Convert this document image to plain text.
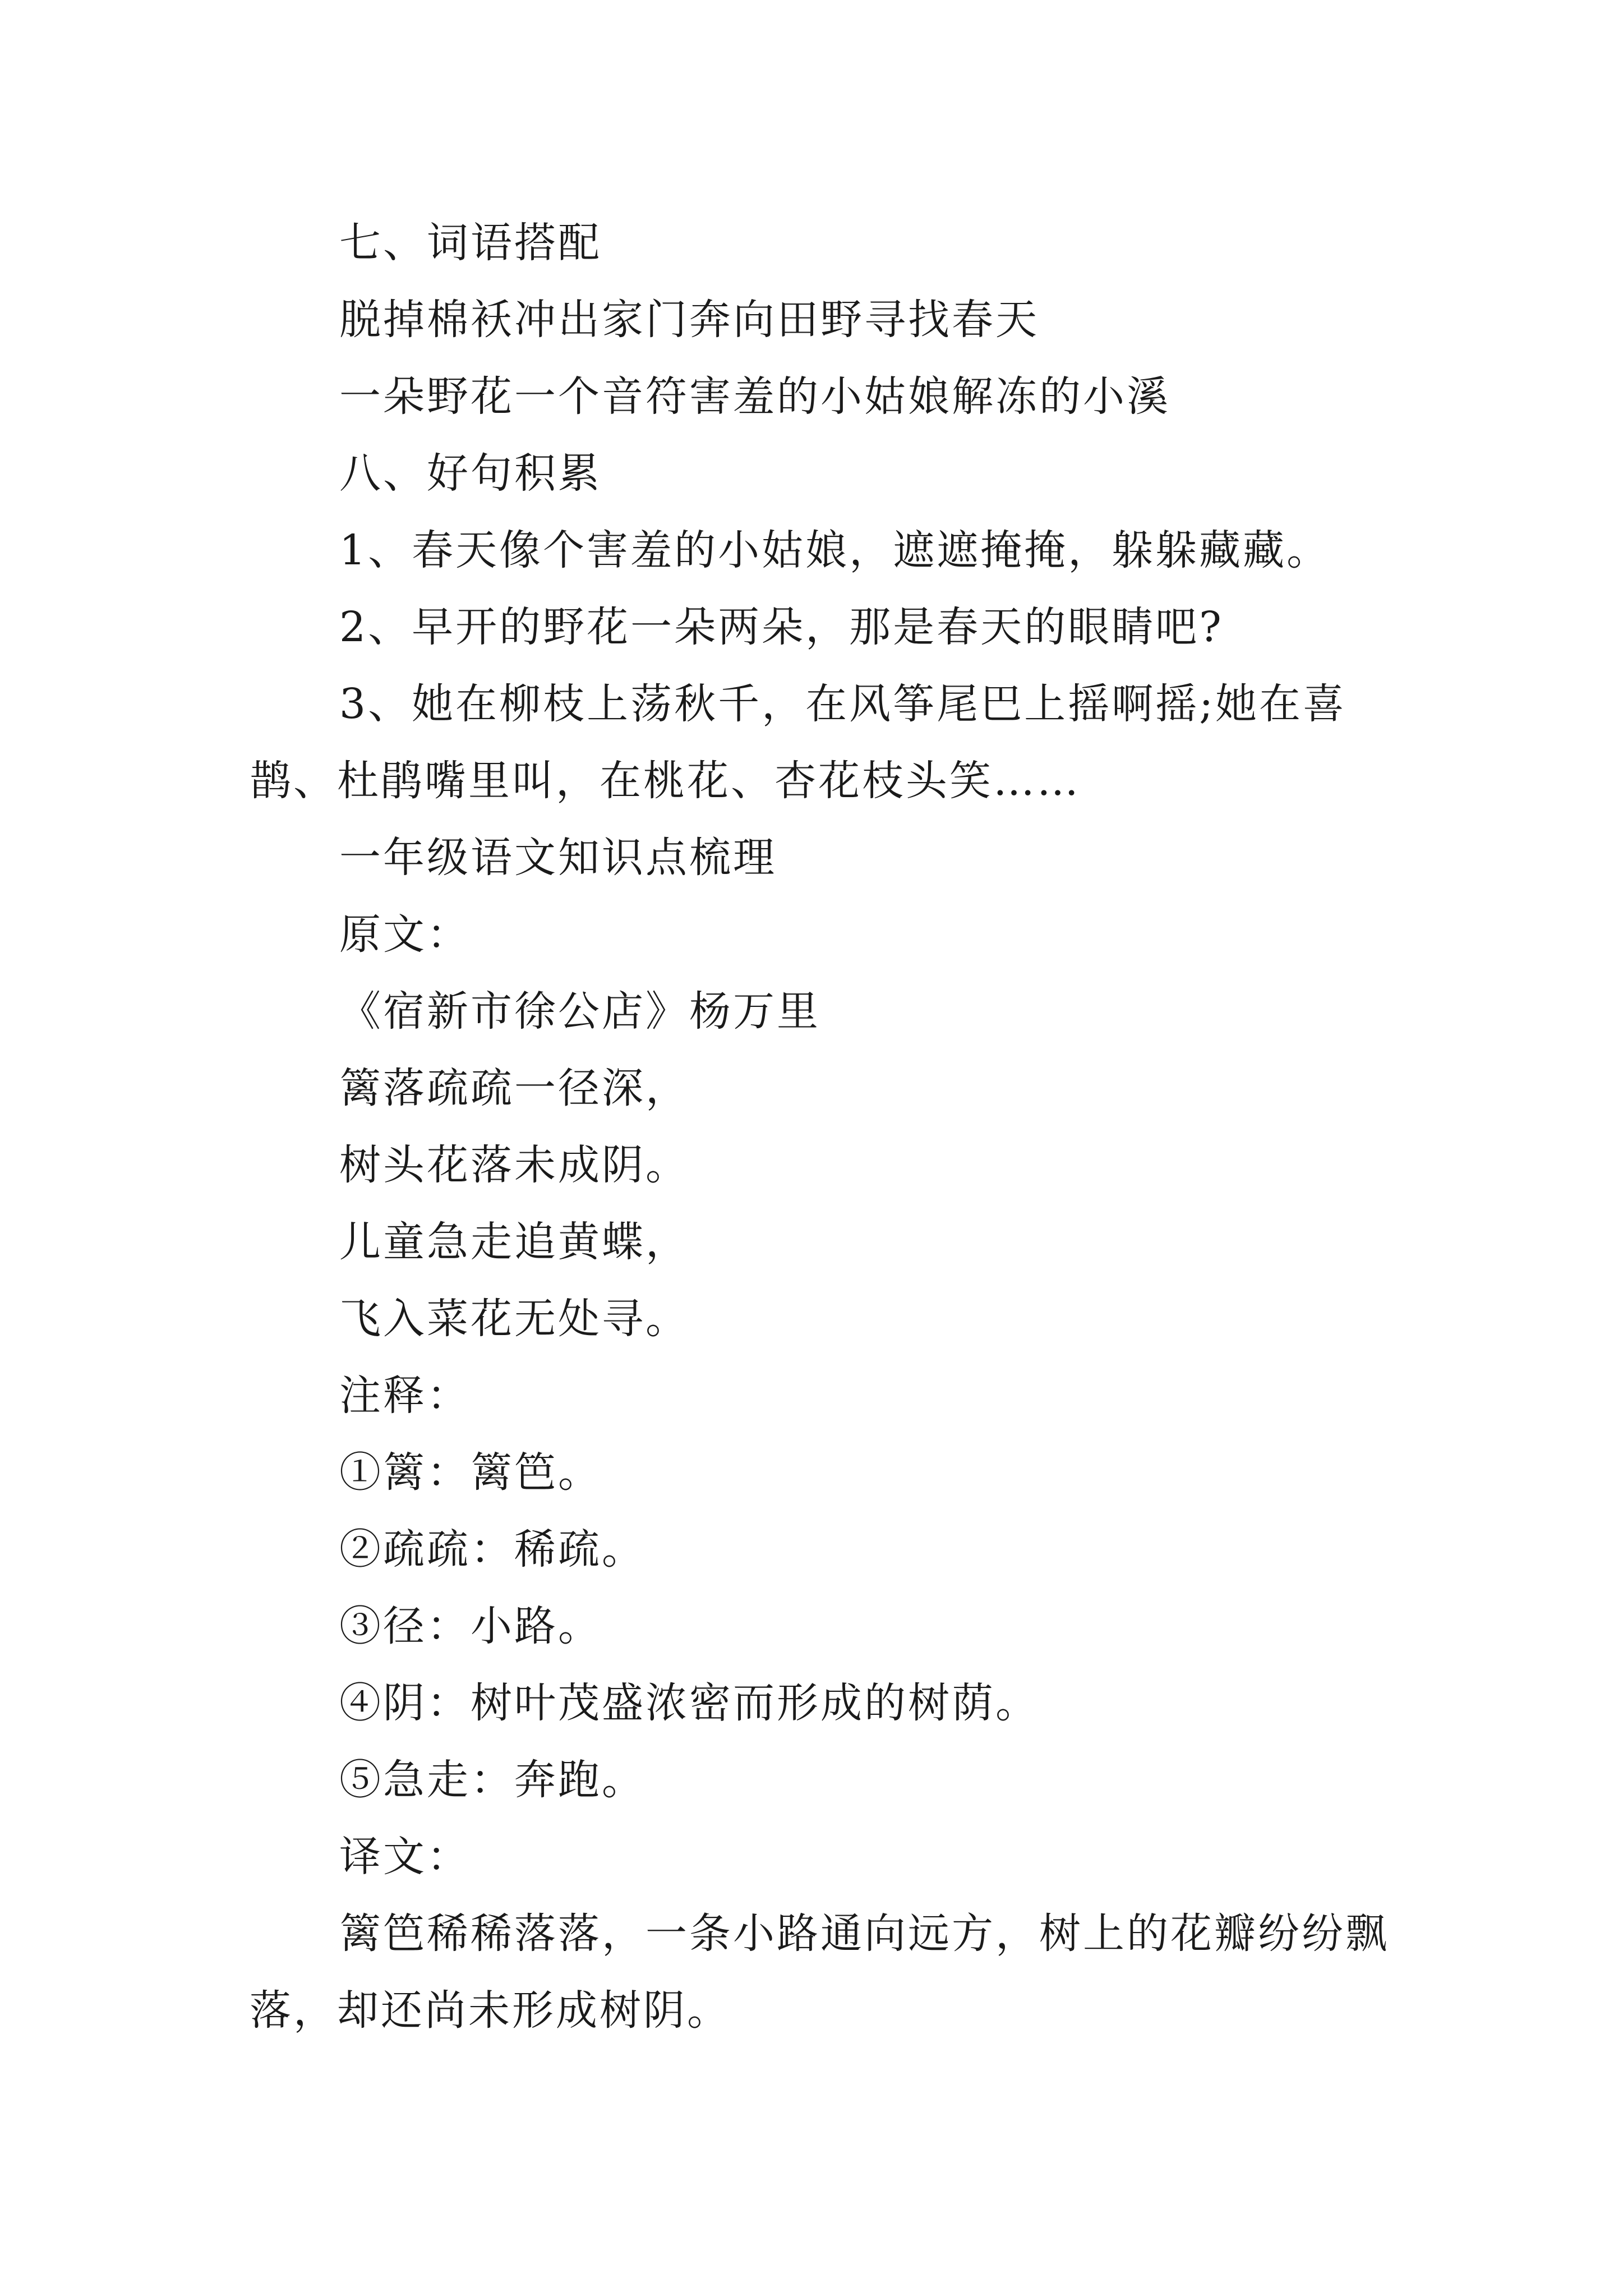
七、词语搭配

脱掉棉袄冲出家门奔向田野寻找春天

一朵野花一个音符害羞的小姑娘解冻的小溪

八、好句积累

1、春天像个害羞的小姑娘，遮遮掩掩，躲躲藏藏。

2、早开的野花一朵两朵，那是春天的眼睛吧?

3、她在柳枝上荡秋千，在风筝尾巴上摇啊摇;她在喜鹊、杜鹃嘴里叫，在桃花、杏花枝头笑……

一年级语文知识点梳理

原文：

《宿新市徐公店》杨万里

篱落疏疏一径深，

树头花落未成阴。

儿童急走追黄蝶，

飞入菜花无处寻。

注释：

①篱：篱笆。

②疏疏：稀疏。

③径：小路。

④阴：树叶茂盛浓密而形成的树荫。

⑤急走：奔跑。

译文：

篱笆稀稀落落，一条小路通向远方，树上的花瓣纷纷飘落，却还尚未形成树阴。
